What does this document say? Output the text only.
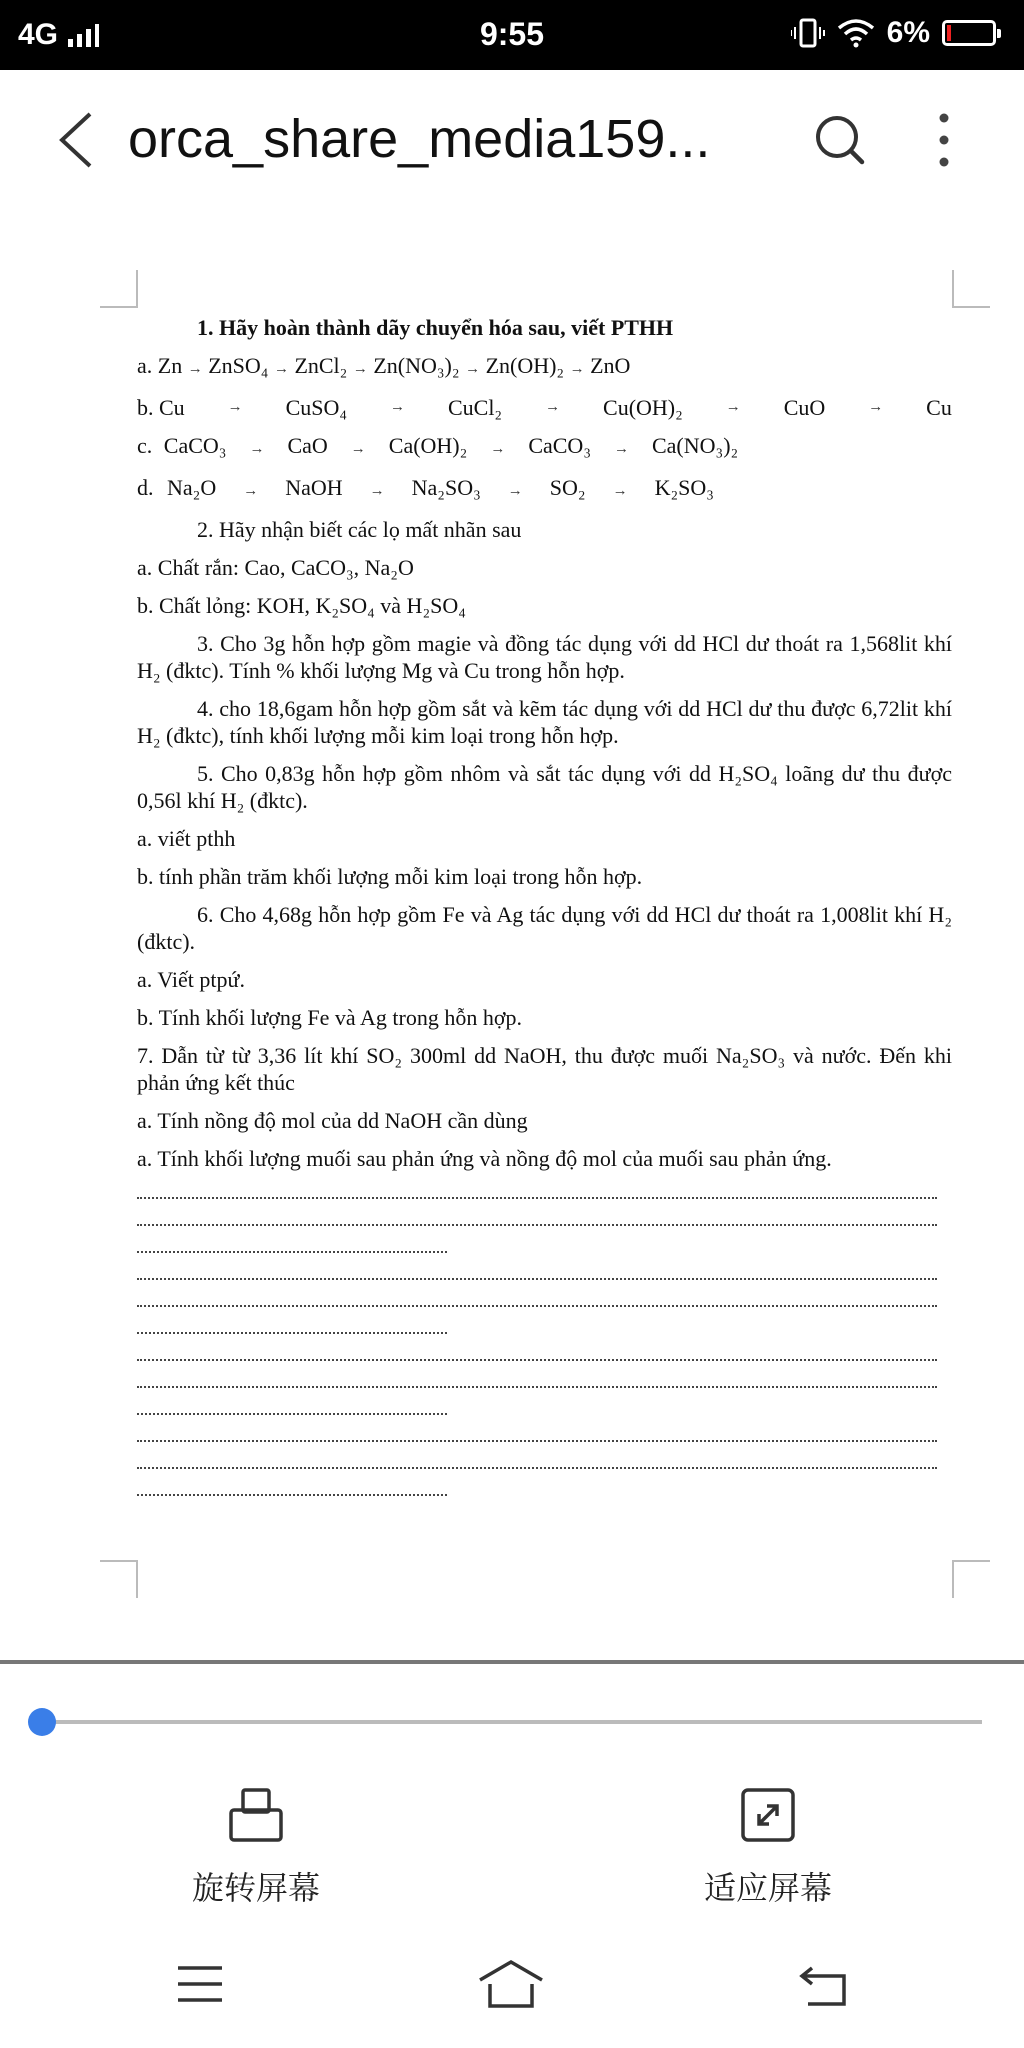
4G	9:55	6%
orca_share_media159...

1. Hãy hoàn thành dãy chuyển hóa sau, viết PTHH

a. Zn → ZnSO₄ → ZnCl₂ → Zn(NO₃)₂ → Zn(OH)₂ → ZnO

b. Cu	→ CuSO₄	→ CuCl₂	→ Cu(OH)₂	→ CuO	→ Cu

c. CaCO₃ → CaO → Ca(OH)₂ → CaCO₃ → Ca(NO₃)₂

d. Na₂O → NaOH → Na₂SO₃ → SO₂ → K₂SO₃

2. Hãy nhận biết các lọ mất nhãn sau

a. Chất rắn: Cao, CaCO₃, Na₂O

b. Chất lỏng: KOH, K₂SO₄ và H₂SO₄

3. Cho 3g hỗn hợp gồm magie và đồng tác dụng với dd HCl dư thoát ra 1,568lit khí H₂ (đktc). Tính % khối lượng Mg và Cu trong hỗn hợp.

4. cho 18,6gam hỗn hợp gồm sắt và kẽm tác dụng với dd HCl dư thu được 6,72lit khí H₂ (đktc), tính khối lượng mỗi kim loại trong hỗn hợp.

5. Cho 0,83g hỗn hợp gồm nhôm và sắt tác dụng với dd H₂SO₄ loãng dư thu được 0,56l khí H₂ (đktc).

a. viết pthh

b. tính phần trăm khối lượng mỗi kim loại trong hỗn hợp.

6. Cho 4,68g hỗn hợp gồm Fe và Ag tác dụng với dd HCl dư thoát ra 1,008lit khí H₂ (đktc).

a. Viết ptpứ.

b. Tính khối lượng Fe và Ag trong hỗn hợp.

7. Dẫn từ từ 3,36 lít khí SO₂ 300ml dd NaOH, thu được muối Na₂SO₃ và nước. Đến khi phản ứng kết thúc

a. Tính nồng độ mol của dd NaOH cần dùng

a. Tính khối lượng muối sau phản ứng và nồng độ mol của muối sau phản ứng.

旋转屏幕	适应屏幕
